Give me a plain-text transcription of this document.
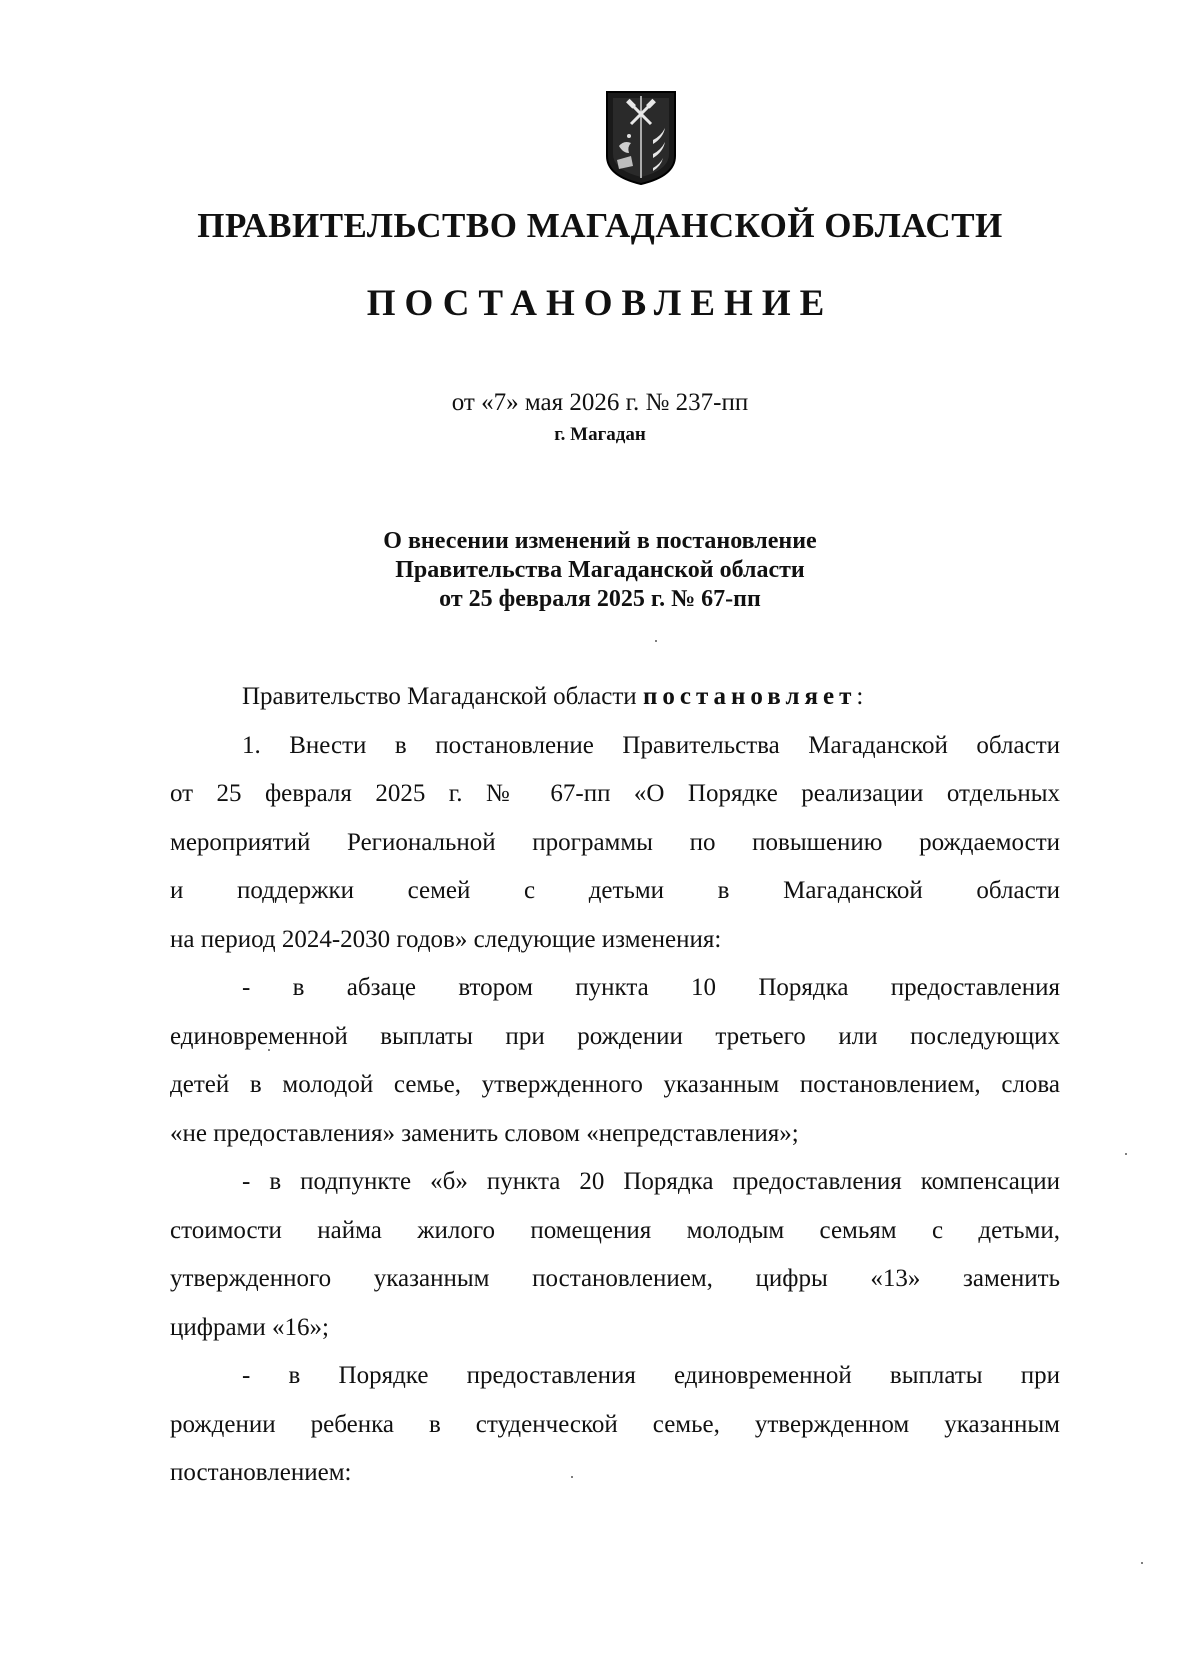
ПРАВИТЕЛЬСТВО МАГАДАНСКОЙ ОБЛАСТИ
ПОСТАНОВЛЕНИЕ
от «7» мая 2026 г. № 237-пп
г. Магадан
О внесении изменений в постановление
Правительства Магаданской области
от 25 февраля 2025 г. № 67-пп
Правительство Магаданской области постановляет:
1. Внести в постановление Правительства Магаданской области
от 25 февраля 2025 г. № 67-пп «О Порядке реализации отдельных
мероприятий Региональной программы по повышению рождаемости
и поддержки семей с детьми в Магаданской области
на период 2024-2030 годов» следующие изменения:
- в абзаце втором пункта 10 Порядка предоставления
единовременной выплаты при рождении третьего или последующих
детей в молодой семье, утвержденного указанным постановлением, слова
«не предоставления» заменить словом «непредставления»;
- в подпункте «б» пункта 20 Порядка предоставления компенсации
стоимости найма жилого помещения молодым семьям с детьми,
утвержденного указанным постановлением, цифры «13» заменить
цифрами «16»;
- в Порядке предоставления единовременной выплаты при
рождении ребенка в студенческой семье, утвержденном указанным
постановлением:
